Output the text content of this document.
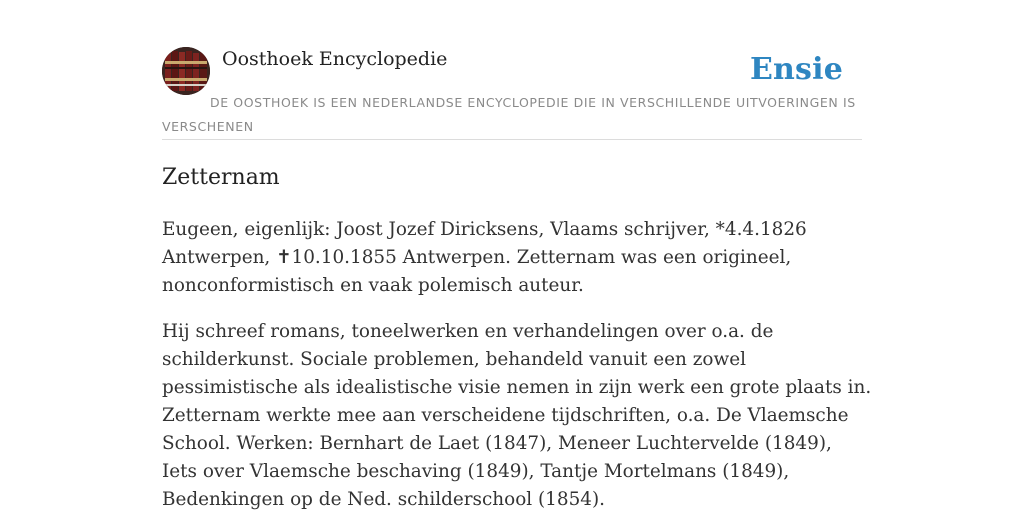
Oosthoek Encyclopedie	Ensie
DE OOSTHOEK IS EEN NEDERLANDSE ENCYCLOPEDIE DIE IN VERSCHILLENDE UITVOERINGEN IS VERSCHENEN
Zetternam

Eugeen, eigenlijk: Joost Jozef Diricksens, Vlaams schrijver, *4.4.1826 Antwerpen, ✝10.10.1855 Antwerpen. Zetternam was een origineel, nonconformistisch en vaak polemisch auteur.

Hij schreef romans, toneelwerken en verhandelingen over o.a. de schilderkunst. Sociale problemen, behandeld vanuit een zowel pessimistische als idealistische visie nemen in zijn werk een grote plaats in. Zetternam werkte mee aan verscheidene tijdschriften, o.a. De Vlaemsche School. Werken: Bernhart de Laet (1847), Meneer Luchtervelde (1849), Iets over Vlaemsche beschaving (1849), Tantje Mortelmans (1849), Bedenkingen op de Ned. schilderschool (1854).
